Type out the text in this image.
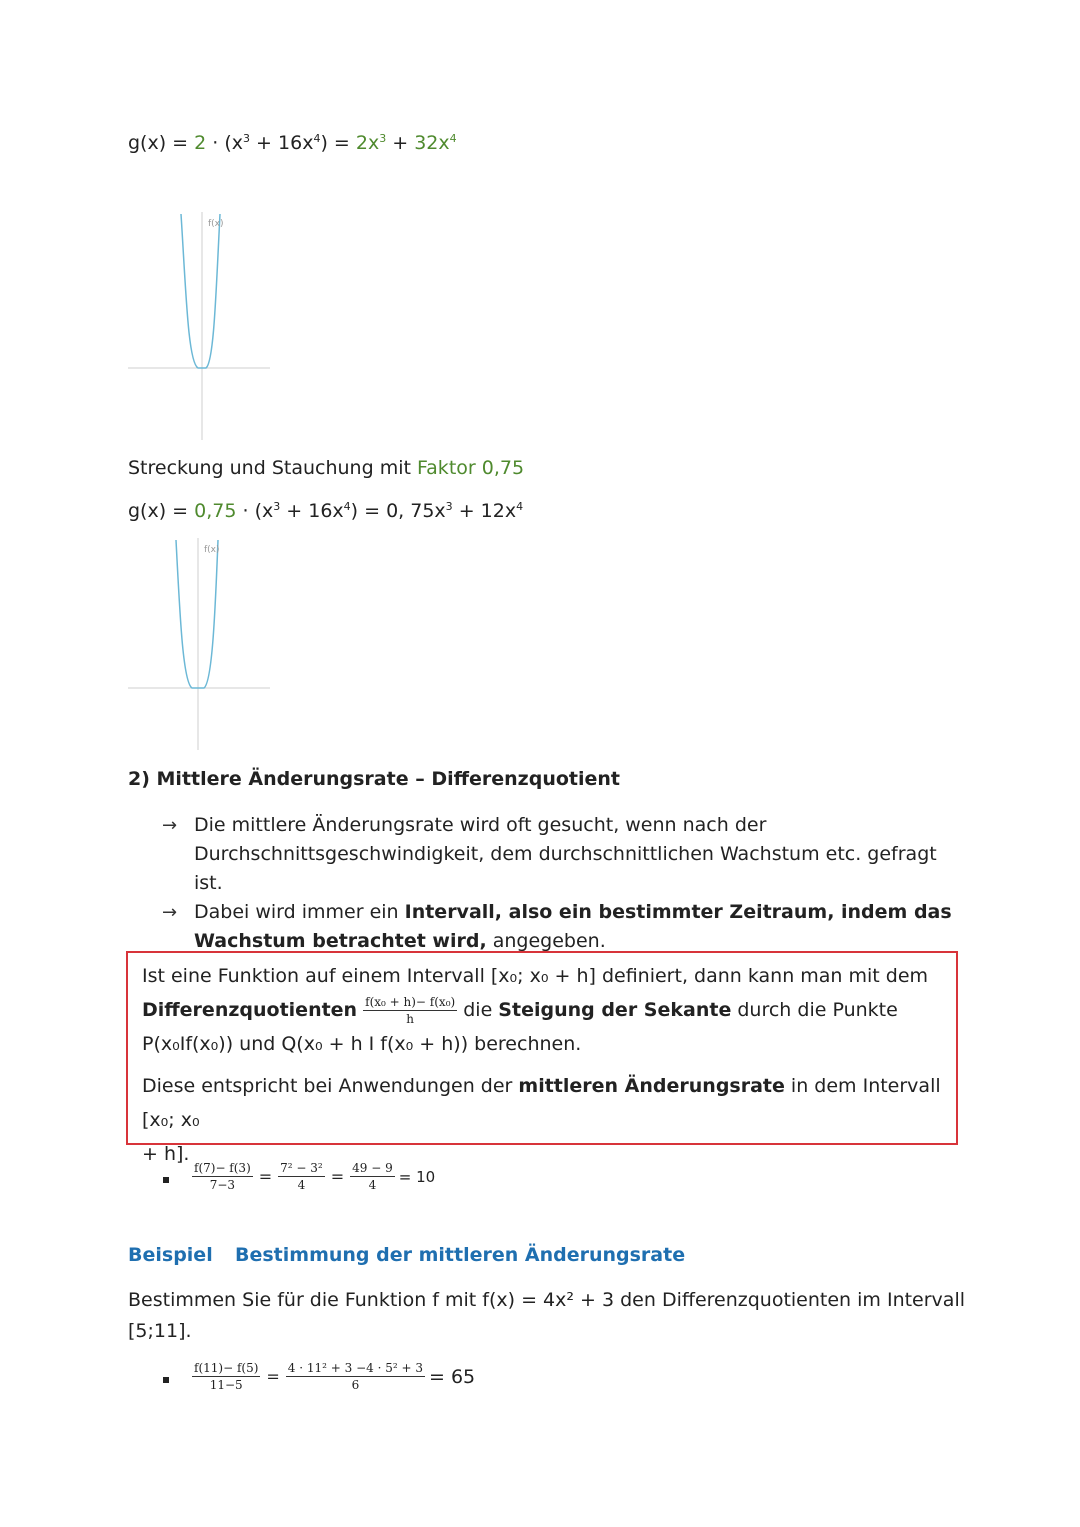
$g(x) = 2 \cdot (x^3 + 16x^4) = 2x^3 + 32x^4$
f(x)
Streckung und Stauchung mit Faktor 0,75
$g(x) = 0,75 \cdot (x^3 + 16x^4) = 0$, $75x^3 + 12x^4$
f(x)
2) Mittlere Änderungsrate – Differenzquotient
→ Die mittlere Änderungsrate wird oft gesucht, wenn nach der Durchschnittsgeschwindigkeit, dem durchschnittlichen Wachstum etc. gefragt ist.
→ Dabei wird immer ein Intervall, also ein bestimmter Zeitraum, indem das Wachstum betrachtet wird, angegeben.
Ist eine Funktion auf einem Intervall [x₀; x₀ + h] definiert, dann kann man mit dem
Differenzquotienten $\frac{\text{f(x₀ + h)− f(x₀)}}{h}$ die Steigung der Sekante durch die Punkte
P(x₀If(x₀)) und Q(x₀ + h I f(x₀ + h)) berechnen.
Diese entspricht bei Anwendungen der mittleren Änderungsrate in dem Intervall [x₀; x₀
+ h].
$\frac{f(7)- f(3)}{7-3} = \frac{\text{7² − 3²}}{4} = \frac{49 - 9}{4} = 10$
Beispiel Bestimmung der mittleren Änderungsrate
Bestimmen Sie für die Funktion f mit f(x) = 4x² + 3 den Differenzquotienten im Intervall
[5;11].
$\frac{f(11)- f(5)}{11-5} = \frac{\text{4 · 11² + 3 −4 · 5² + 3}}{6} = 65$
